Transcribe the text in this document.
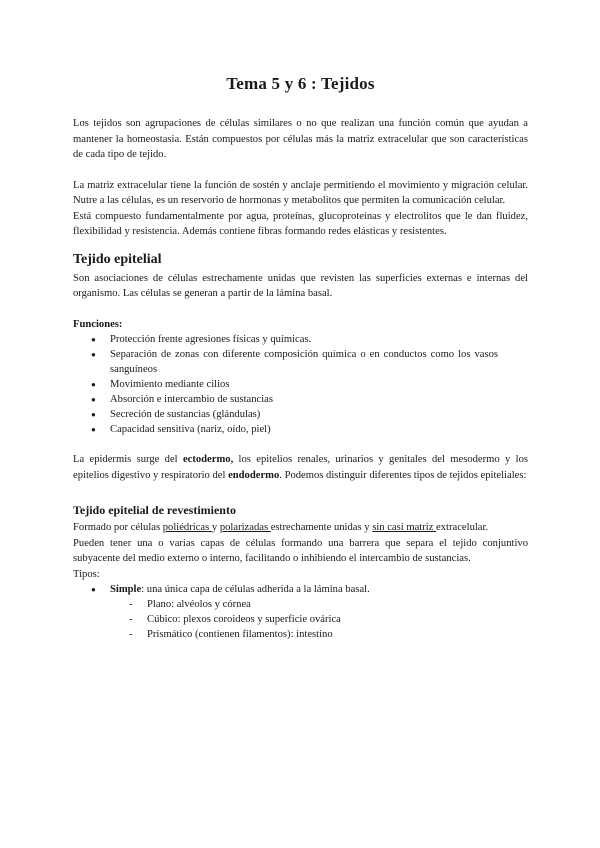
Tema 5 y 6 : Tejidos

Los tejidos son agrupaciones de células similares o no que realizan una función común que ayudan a mantener la homeostasia. Están compuestos por células más la matriz extracelular que son características de cada tipo de tejido.

La matriz extracelular tiene la función de sostén y anclaje permitiendo el movimiento y migración celular. Nutre a las células, es un reservorio de hormonas y metabolitos que permiten la comunicación celular.

Está compuesto fundamentalmente por agua, proteínas, glucoproteínas y electrolitos que le dan fluidez, flexibilidad y resistencia. Además contiene fibras formando redes elásticas y resistentes.

Tejido epitelial

Son asociaciones de células estrechamente unidas que revisten las superficies externas e internas del organismo. Las células se generan a partir de la lámina basal.

Funciones:
● Protección frente agresiones físicas y químicas.
● Separación de zonas con diferente composición química o en conductos como los vasos sanguíneos
● Movimiento mediante cilios
● Absorción e intercambio de sustancias
● Secreción de sustancias (glándulas)
● Capacidad sensitiva (nariz, oído, piel)

La epidermis surge del ectodermo, los epitelios renales, urinarios y genitales del mesodermo y los epitelios digestivo y respiratorio del endodermo. Podemos distinguir diferentes tipos de tejidos epiteliales:

Tejido epitelial de revestimiento

Formado por células poliédricas y polarizadas estrechamente unidas y sin casi matriz extracelular.

Pueden tener una o varias capas de células formando una barrera que separa el tejido conjuntivo subyacente del medio externo o interno, facilitando o inhibiendo el intercambio de sustancias.

Tipos:

● Simple: una única capa de células adherida a la lámina basal.
- Plano: alvéolos y córnea
- Cúbico: plexos coroideos y superficie ovárica
- Prismático (contienen filamentos): intestino
